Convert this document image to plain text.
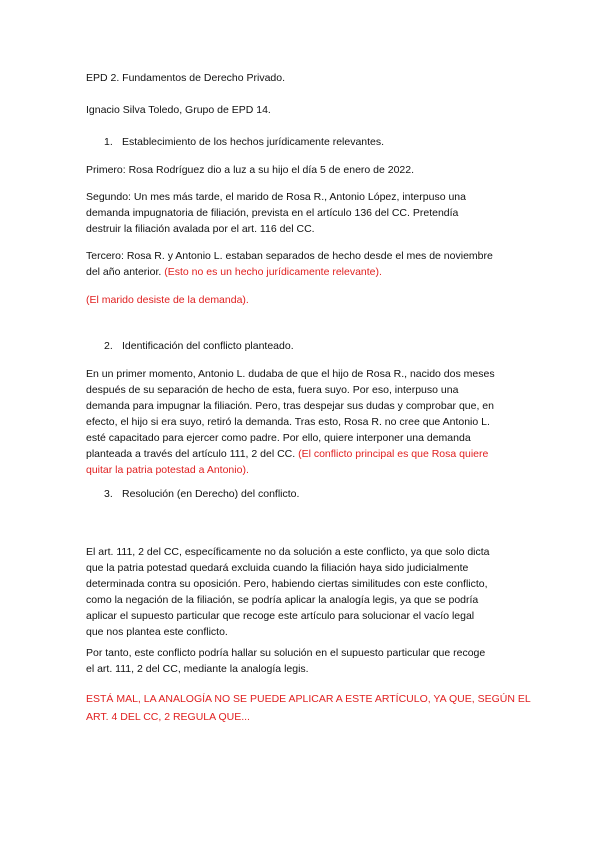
EPD 2. Fundamentos de Derecho Privado.
Ignacio Silva Toledo, Grupo de EPD 14.
1. Establecimiento de los hechos jurídicamente relevantes.
Primero: Rosa Rodríguez dio a luz a su hijo el día 5 de enero de 2022.
Segundo: Un mes más tarde, el marido de Rosa R., Antonio López, interpuso una
demanda impugnatoria de filiación, prevista en el artículo 136 del CC. Pretendía
destruir la filiación avalada por el art. 116 del CC.
Tercero: Rosa R. y Antonio L. estaban separados de hecho desde el mes de noviembre
del año anterior. (Esto no es un hecho jurídicamente relevante).
(El marido desiste de la demanda).
2. Identificación del conflicto planteado.
En un primer momento, Antonio L. dudaba de que el hijo de Rosa R., nacido dos meses
después de su separación de hecho de esta, fuera suyo. Por eso, interpuso una
demanda para impugnar la filiación. Pero, tras despejar sus dudas y comprobar que, en
efecto, el hijo si era suyo, retiró la demanda. Tras esto, Rosa R. no cree que Antonio L.
esté capacitado para ejercer como padre. Por ello, quiere interponer una demanda
planteada a través del artículo 111, 2 del CC. (El conflicto principal es que Rosa quiere
quitar la patria potestad a Antonio).
3. Resolución (en Derecho) del conflicto.
El art. 111, 2 del CC, específicamente no da solución a este conflicto, ya que solo dicta
que la patria potestad quedará excluida cuando la filiación haya sido judicialmente
determinada contra su oposición. Pero, habiendo ciertas similitudes con este conflicto,
como la negación de la filiación, se podría aplicar la analogía legis, ya que se podría
aplicar el supuesto particular que recoge este artículo para solucionar el vacío legal
que nos plantea este conflicto.
Por tanto, este conflicto podría hallar su solución en el supuesto particular que recoge
el art. 111, 2 del CC, mediante la analogía legis.
ESTÁ MAL, LA ANALOGÍA NO SE PUEDE APLICAR A ESTE ARTÍCULO, YA QUE, SEGÚN EL
ART. 4 DEL CC, 2 REGULA QUE...
